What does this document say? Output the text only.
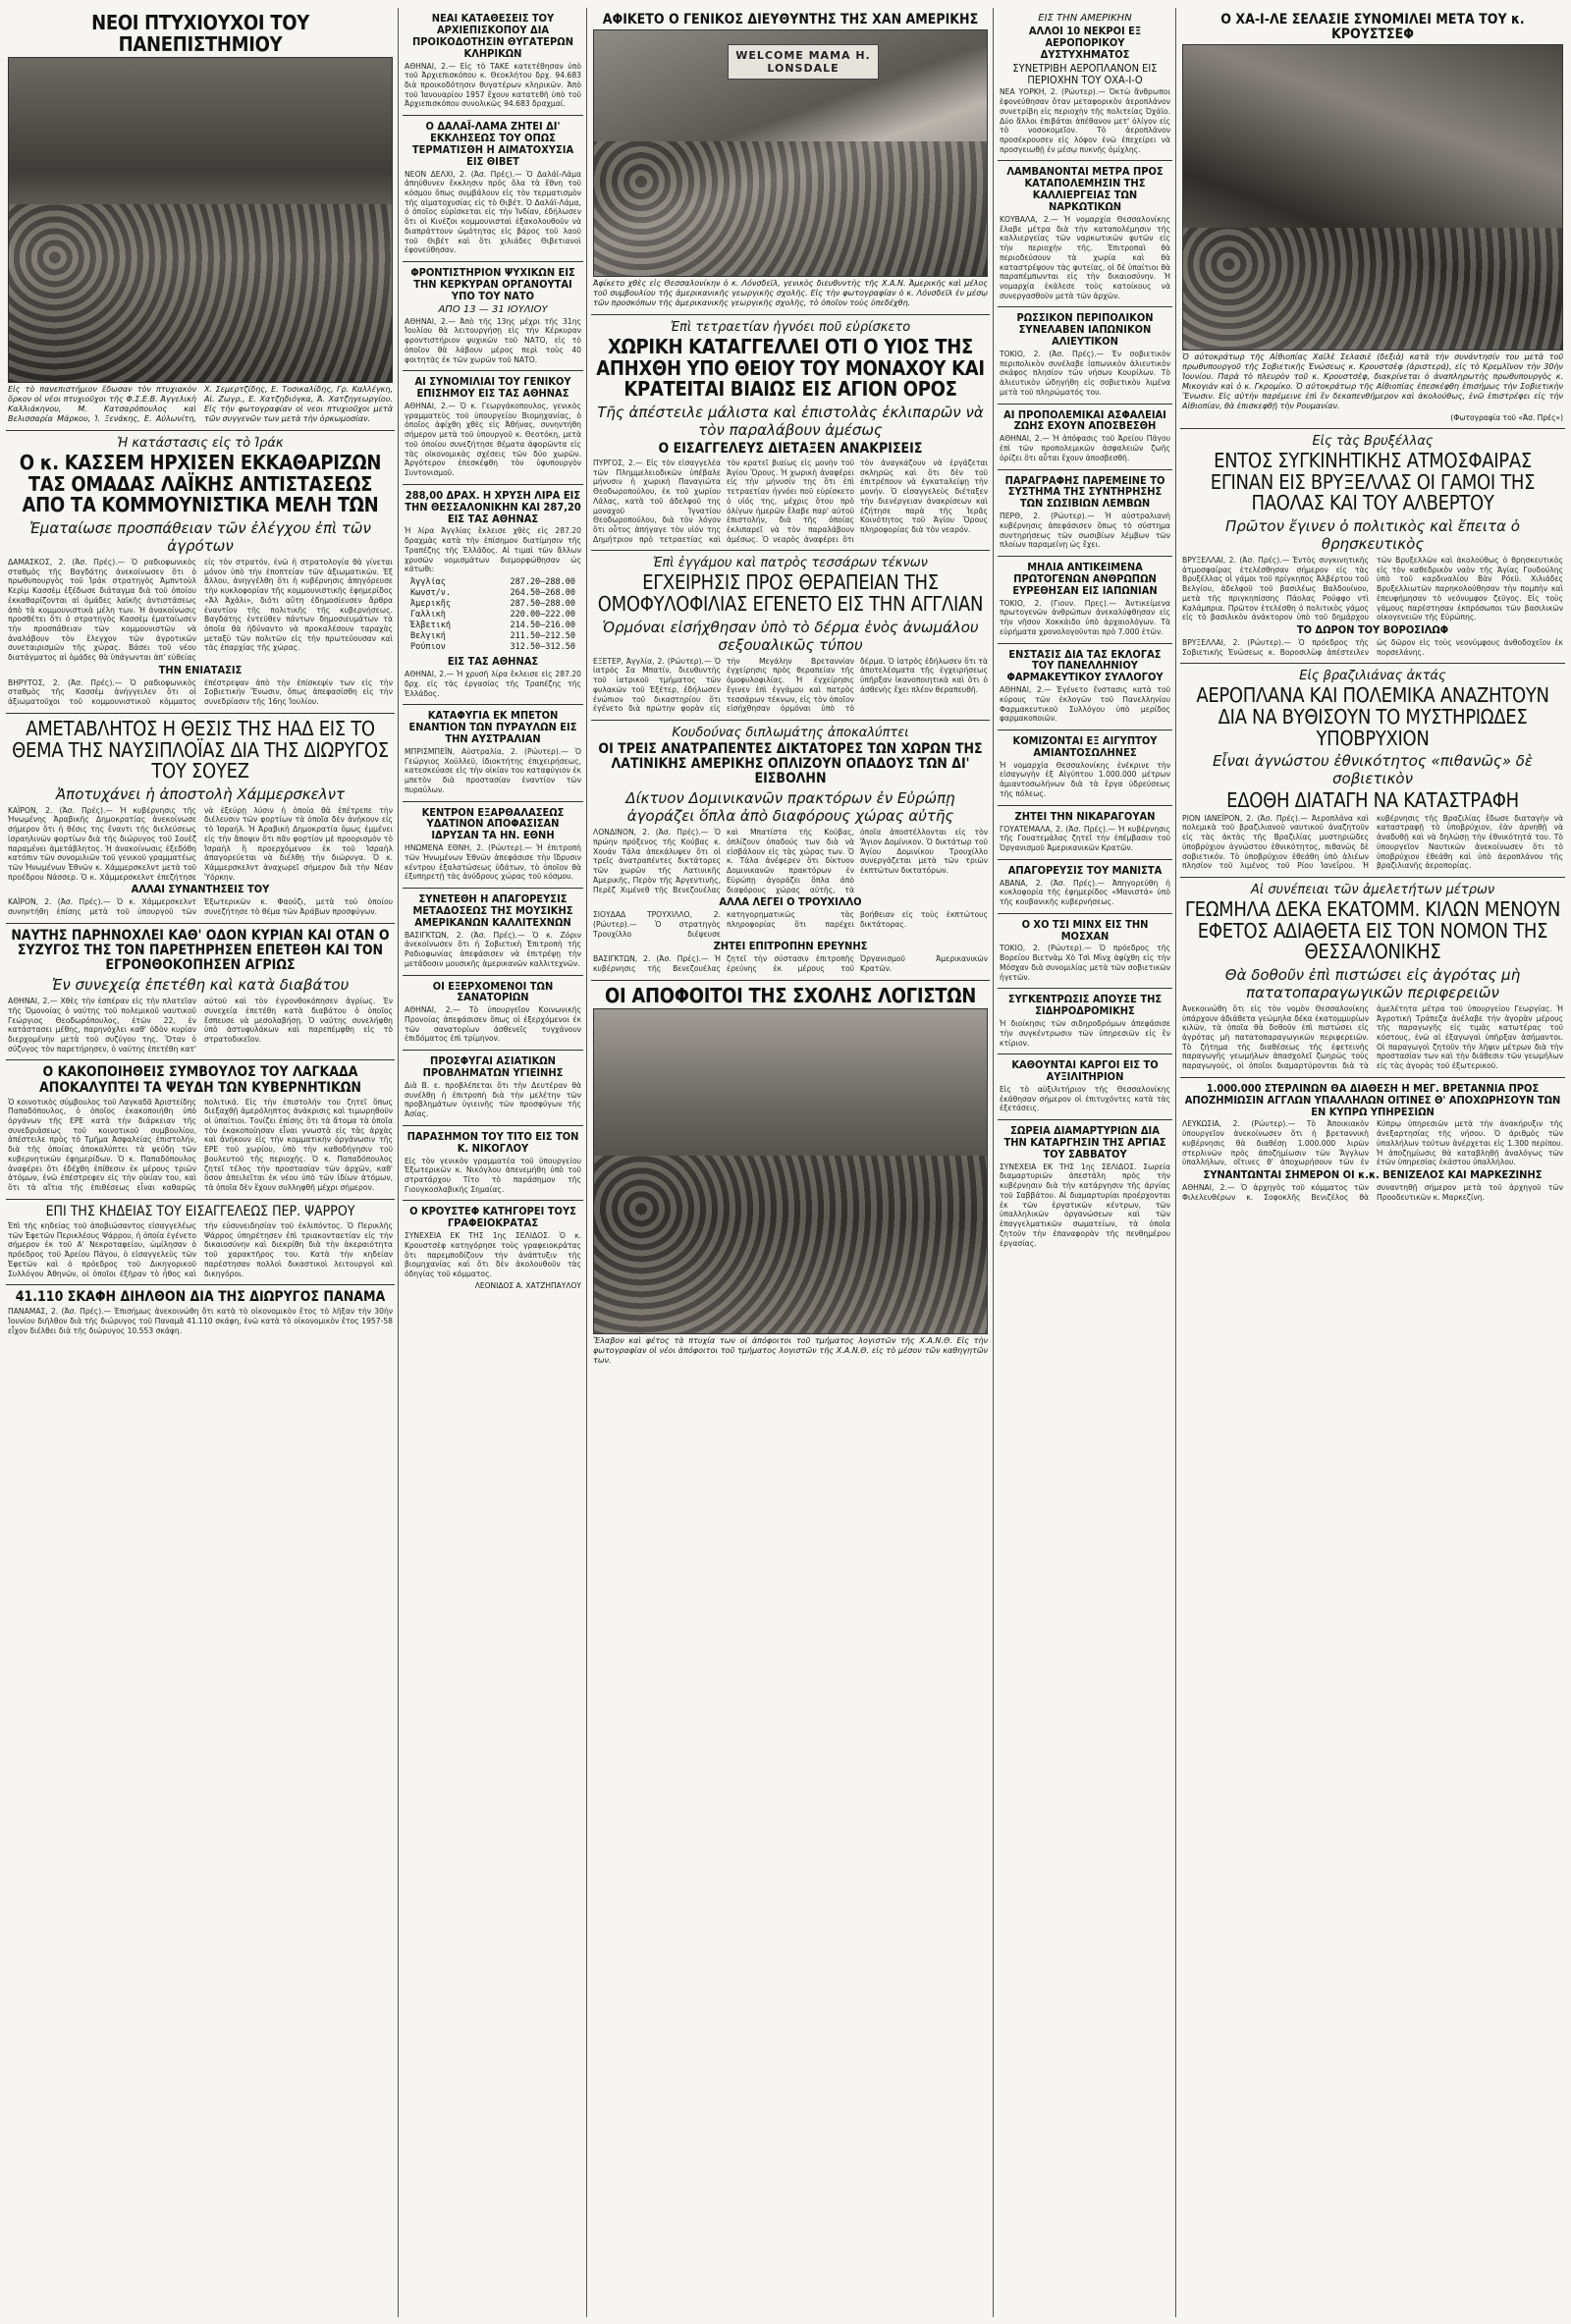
ΝΕΟΙ ΠΤΥΧΙΟΥΧΟΙ ΤΟΥ ΠΑΝΕΠΙΣΤΗΜΙΟΥ
Εἰς τὸ πανεπιστήμιον ἔδωσαν τὸν πτυχιακὸν ὅρκον οἱ νέοι πτυχιοῦχοι τῆς Φ.Σ.Ε.Β. Ἀγγελικὴ Καλλιάκηνου, Μ. Κατσαρόπουλος καὶ Βελισσαρία Μάρκου, Ἱ. Ξενάκης, Ε. Αὐλωνίτη, Χ. Σεμερτζίδης, Ε. Τοσικαλίδης, Γρ. Καλλέγκη, Αἱ. Ζωγρ., Ε. Χατζηδιόγκα, Ἀ. Χατζηγεωργίου. Εἰς τὴν φωτογραφίαν οἱ νεοι πτυχιοῦχοι μετὰ τῶν συγγενῶν των μετὰ τὴν ὁρκωμοσίαν.
Ἡ κατάστασις εἰς τὸ Ἰράκ
Ο κ. ΚΑΣΣΕΜ ΗΡΧΙΣΕΝ ΕΚΚΑΘΑΡΙΖΩΝ ΤΑΣ ΟΜΑΔΑΣ ΛΑΪΚΗΣ ΑΝΤΙΣΤΑΣΕΩΣ ΑΠΟ ΤΑ ΚΟΜΜΟΥΝΙΣΤΙΚΑ ΜΕΛΗ ΤΩΝ
Ἐματαίωσε προσπάθειαν τῶν ἐλέγχου ἐπὶ τῶν ἀγρότων
ΔΑΜΑΣΚΟΣ, 2. (Ἀσ. Πρές).— Ὁ ραδιοφωνικὸς σταθμὸς τῆς Βαγδάτης ἀνεκοίνωσεν ὅτι ὁ πρωθυπουργὸς τοῦ Ἰράκ στρατηγὸς Ἀμπντοὺλ Κερὶμ Κασσὲμ ἐξέδωσε διάταγμα διὰ τοῦ ὁποίου ἐκκαθαρίζονται αἱ ὁμάδες λαϊκῆς ἀντιστάσεως ἀπὸ τὰ κομμουνιστικὰ μέλη των. Ἡ ἀνακοίνωσις προσθέτει ὅτι ὁ στρατηγὸς Κασσὲμ ἐματαίωσεν τὴν προσπάθειαν τῶν κομμουνιστῶν νὰ ἀναλάβουν τὸν ἔλεγχον τῶν ἀγροτικῶν συνεταιρισμῶν τῆς χώρας. Βάσει τοῦ νέου διατάγματος αἱ ὁμάδες θὰ ὑπάγωνται ἀπ' εὐθείας εἰς τὸν στρατόν, ἐνῶ ἡ στρατολογία θὰ γίνεται μόνον ὑπὸ τὴν ἐποπτείαν τῶν ἀξιωματικῶν. Ἐξ ἄλλου, ἀνηγγέλθη ὅτι ἡ κυβέρνησις ἀπηγόρευσε τὴν κυκλοφορίαν τῆς κομμουνιστικῆς ἐφημερίδος «Ἀλ Ἀχάλι», διότι αὕτη ἐδημοσίευσεν ἄρθρα ἐναντίον τῆς πολιτικῆς τῆς κυβερνήσεως. Βαγδάτης ἐντεῦθεν πάντων δημοσιευμάτων τὰ ὁποῖα θὰ ἠδύναντο νὰ προκαλέσουν ταραχὰς μεταξὺ τῶν πολιτῶν εἰς τὴν πρωτεύουσαν καὶ τὰς ἐπαρχίας τῆς χώρας.
ΤΗΝ ΕΝΙΑΤΑΣΙΣ
ΒΗΡΥΤΟΣ, 2. (Ἀσ. Πρές).— Ὁ ραδιοφωνικὸς σταθμὸς τῆς Κασσὲμ ἀνήγγειλεν ὅτι οἱ ἀξιωματοῦχοι τοῦ κομμουνιστικοῦ κόμματος ἐπέστρεψαν ἀπὸ τὴν ἐπίσκεψίν των εἰς τὴν Σοβιετικὴν Ἕνωσιν, ὅπως ἀπεφασίσθη εἰς τὴν συνεδρίασιν τῆς 16ης Ἰουλίου.
ΑΜΕΤΑΒΛΗΤΟΣ Η ΘΕΣΙΣ ΤΗΣ ΗΑΔ ΕΙΣ ΤΟ ΘΕΜΑ ΤΗΣ ΝΑΥΣΙΠΛΟΪΑΣ ΔΙΑ ΤΗΣ ΔΙΩΡΥΓΟΣ ΤΟΥ ΣΟΥΕΖ
Ἀποτυχάνει ἡ ἀποστολὴ Χάμμερσκελντ
ΚΑΪΡΟΝ, 2. (Ἀσ. Πρές).— Ἡ κυβέρνησις τῆς Ἡνωμένης Ἀραβικῆς Δημοκρατίας ἀνεκοίνωσε σήμερον ὅτι ἡ θέσις της ἔναντι τῆς διελεύσεως ἰσραηλινῶν φορτίων διὰ τῆς διώρυγος τοῦ Σουὲζ παραμένει ἀμετάβλητος. Ἡ ἀνακοίνωσις ἐξεδόθη κατόπιν τῶν συνομιλιῶν τοῦ γενικοῦ γραμματέως τῶν Ἡνωμένων Ἐθνῶν κ. Χάμμερσκελντ μετὰ τοῦ προέδρου Νάσσερ. Ὁ κ. Χάμμερσκελντ ἐπεζήτησε νὰ ἐξεύρῃ λύσιν ἡ ὁποία θὰ ἐπέτρεπε τὴν διέλευσιν τῶν φορτίων τὰ ὁποῖα δὲν ἀνήκουν εἰς τὸ Ἰσραήλ. Ἡ Ἀραβικὴ Δημοκρατία ὅμως ἐμμένει εἰς τὴν ἄποψιν ὅτι πᾶν φορτίον μὲ προορισμὸν τὸ Ἰσραὴλ ἢ προερχόμενον ἐκ τοῦ Ἰσραὴλ ἀπαγορεύεται νὰ διέλθῃ τὴν διώρυγα. Ὁ κ. Χάμμερσκελντ ἀναχωρεῖ σήμερον διὰ τὴν Νέαν Ὑόρκην.
ΑΛΛΑΙ ΣΥΝΑΝΤΗΣΕΙΣ ΤΟΥ
ΚΑΪΡΟΝ, 2. (Ἀσ. Πρές).— Ὁ κ. Χάμμερσκελντ συνηντήθη ἐπίσης μετὰ τοῦ ὑπουργοῦ τῶν Ἐξωτερικῶν κ. Φαούζι, μετὰ τοῦ ὁποίου συνεζήτησε τὸ θέμα τῶν Ἀράβων προσφύγων.
ΝΑΥΤΗΣ ΠΑΡΗΝΟΧΛΕΙ ΚΑΘ' ΟΔΟΝ ΚΥΡΙΑΝ ΚΑΙ ΟΤΑΝ Ο ΣΥΖΥΓΟΣ ΤΗΣ ΤΟΝ ΠΑΡΕΤΗΡΗΣΕΝ ΕΠΕΤΕΘΗ ΚΑΙ ΤΟΝ ΕΓΡΟΝΘΟΚΟΠΗΣΕΝ ΑΓΡΙΩΣ
Ἐν συνεχείᾳ ἐπετέθη καὶ κατὰ διαβάτου
ΑΘΗΝΑΙ, 2.— Χθὲς τὴν ἑσπέραν εἰς τὴν πλατεῖαν τῆς Ὁμονοίας ὁ ναύτης τοῦ πολεμικοῦ ναυτικοῦ Γεώργιος Θεοδωρόπουλος, ἐτῶν 22, ἐν κατάστασει μέθης, παρηνόχλει καθ' ὁδὸν κυρίαν διερχομένην μετὰ τοῦ συζύγου της. Ὅταν ὁ σύζυγος τὸν παρετήρησεν, ὁ ναύτης ἐπετέθη κατ' αὐτοῦ καὶ τὸν ἐγρονθοκόπησεν ἀγρίως. Ἐν συνεχείᾳ ἐπετέθη κατὰ διαβάτου ὁ ὁποῖος ἔσπευσε νὰ μεσολαβήσῃ. Ὁ ναύτης συνελήφθη ὑπὸ ἀστυφυλάκων καὶ παρεπέμφθη εἰς τὸ στρατοδικεῖον.
Ο ΚΑΚΟΠΟΙΗΘΕΙΣ ΣΥΜΒΟΥΛΟΣ ΤΟΥ ΛΑΓΚΑΔΑ ΑΠΟΚΑΛΥΠΤΕΙ ΤΑ ΨΕΥΔΗ ΤΩΝ ΚΥΒΕΡΝΗΤΙΚΩΝ
Ὁ κοινοτικὸς σύμβουλος τοῦ Λαγκαδᾶ Ἀριστείδης Παπαδόπουλος, ὁ ὁποῖος ἐκακοποιήθη ὑπὸ ὀργάνων τῆς ΕΡΕ κατὰ τὴν διάρκειαν τῆς συνεδριάσεως τοῦ κοινοτικοῦ συμβουλίου, ἀπέστειλε πρὸς τὸ Τμῆμα Ἀσφαλείας ἐπιστολήν, διὰ τῆς ὁποίας ἀποκαλύπτει τὰ ψεύδη τῶν κυβερνητικῶν ἐφημερίδων. Ὁ κ. Παπαδόπουλος ἀναφέρει ὅτι ἐδέχθη ἐπίθεσιν ἐκ μέρους τριῶν ἀτόμων, ἐνῶ ἐπέστρεφεν εἰς τὴν οἰκίαν του, καὶ ὅτι τὰ αἴτια τῆς ἐπιθέσεως εἶναι καθαρῶς πολιτικά. Εἰς τὴν ἐπιστολήν του ζητεῖ ὅπως διεξαχθῇ ἀμερόληπτος ἀνάκρισις καὶ τιμωρηθοῦν οἱ ὑπαίτιοι. Τονίζει ἐπίσης ὅτι τὰ ἄτομα τὰ ὁποῖα τὸν ἐκακοποίησαν εἶναι γνωστὰ εἰς τὰς ἀρχὰς καὶ ἀνήκουν εἰς τὴν κομματικὴν ὀργάνωσιν τῆς ΕΡΕ τοῦ χωρίου, ὑπὸ τὴν καθοδήγησιν τοῦ βουλευτοῦ τῆς περιοχῆς. Ὁ κ. Παπαδόπουλος ζητεῖ τέλος τὴν προστασίαν τῶν ἀρχῶν, καθ' ὅσον ἀπειλεῖται ἐκ νέου ὑπὸ τῶν ἰδίων ἀτόμων, τὰ ὁποῖα δὲν ἔχουν συλληφθῆ μέχρι σήμερον.
ΕΠΙ ΤΗΣ ΚΗΔΕΙΑΣ ΤΟΥ ΕΙΣΑΓΓΕΛΕΩΣ ΠΕΡ. ΨΑΡΡΟΥ
Ἐπὶ τῆς κηδείας τοῦ ἀποβιώσαντος εἰσαγγελέως τῶν Ἐφετῶν Περικλέους Ψάρρου, ἡ ὁποία ἐγένετο σήμερον ἐκ τοῦ Α' Νεκροταφείου, ὡμίλησαν ὁ πρόεδρος τοῦ Ἀρείου Πάγου, ὁ εἰσαγγελεὺς τῶν Ἐφετῶν καὶ ὁ πρόεδρος τοῦ Δικηγορικοῦ Συλλόγου Ἀθηνῶν, οἱ ὁποῖοι ἐξῆραν τὸ ἦθος καὶ τὴν εὐσυνειδησίαν τοῦ ἐκλιπόντος. Ὁ Περικλῆς Ψάρρος ὑπηρέτησεν ἐπὶ τριακονταετίαν εἰς τὴν δικαιοσύνην καὶ διεκρίθη διὰ τὴν ἀκεραιότητα τοῦ χαρακτῆρος του. Κατὰ τὴν κηδείαν παρέστησαν πολλοὶ δικαστικοὶ λειτουργοὶ καὶ δικηγόροι.
41.110 ΣΚΑΦΗ ΔΙΗΛΘΟΝ ΔΙΑ ΤΗΣ ΔΙΩΡΥΓΟΣ ΠΑΝΑΜΑ
ΠΑΝΑΜΑΣ, 2. (Ἀσ. Πρές).— Ἐπισήμως ἀνεκοινώθη ὅτι κατὰ τὸ οἰκονομικὸν ἔτος τὸ λῆξαν τὴν 30ὴν Ἰουνίου διῆλθον διὰ τῆς διώρυγος τοῦ Παναμᾶ 41.110 σκάφη, ἐνῶ κατὰ τὸ οἰκονομικὸν ἔτος 1957-58 εἶχον διέλθει διὰ τῆς διώρυγος 10.553 σκάφη.
ΝΕΑΙ ΚΑΤΑΘΕΣΕΙΣ ΤΟΥ ΑΡΧΙΕΠΙΣΚΟΠΟΥ ΔΙΑ ΠΡΟΙΚΟΔΟΤΗΣΙΝ ΘΥΓΑΤΕΡΩΝ ΚΛΗΡΙΚΩΝ
ΑΘΗΝΑΙ, 2.— Εἰς τὸ ΤΑΚΕ κατετέθησαν ὑπὸ τοῦ Ἀρχιεπισκόπου κ. Θεοκλήτου δρχ. 94.683 διὰ προικοδότησιν θυγατέρων κληρικῶν. Ἀπὸ τοῦ Ἰανουαρίου 1957 ἔχουν κατατεθῆ ὑπὸ τοῦ Ἀρχιεπισκόπου συνολικῶς 94.683 δραχμαί.
Ο ΔΑΛΑΪ-ΛΑΜΑ ΖΗΤΕΙ ΔΙ' ΕΚΚΛΗΣΕΩΣ ΤΟΥ ΟΠΩΣ ΤΕΡΜΑΤΙΣΘΗ Η ΑΙΜΑΤΟΧΥΣΙΑ ΕΙΣ ΘΙΒΕΤ
ΝΕΟΝ ΔΕΛΧΙ, 2. (Ἀσ. Πρές).— Ὁ Δαλάϊ-Λάμα ἀπηύθυνεν ἔκκλησιν πρὸς ὅλα τὰ ἔθνη τοῦ κόσμου ὅπως συμβάλουν εἰς τὸν τερματισμὸν τῆς αἱματοχυσίας εἰς τὸ Θιβέτ. Ὁ Δαλάϊ-Λάμα, ὁ ὁποῖος εὑρίσκεται εἰς τὴν Ἰνδίαν, ἐδήλωσεν ὅτι οἱ Κινέζοι κομμουνισταὶ ἐξακολουθοῦν νὰ διαπράττουν ὠμότητας εἰς βάρος τοῦ λαοῦ τοῦ Θιβέτ καὶ ὅτι χιλιάδες Θιβετιανοὶ ἐφονεύθησαν.
ΦΡΟΝΤΙΣΤΗΡΙΟΝ ΨΥΧΙΚΩΝ ΕΙΣ ΤΗΝ ΚΕΡΚΥΡΑΝ ΟΡΓΑΝΟΥΤΑΙ ΥΠΟ ΤΟΥ ΝΑΤΟ
ΑΠΟ 13 — 31 ΙΟΥΛΙΟΥ
ΑΘΗΝΑΙ, 2.— Ἀπὸ τῆς 13ης μέχρι τῆς 31ης Ἰουλίου θὰ λειτουργήσῃ εἰς τὴν Κέρκυραν φροντιστήριον ψυχικῶν τοῦ ΝΑΤΟ, εἰς τὸ ὁποῖον θὰ λάβουν μέρος περὶ τοὺς 40 φοιτητὰς ἐκ τῶν χωρῶν τοῦ ΝΑΤΟ.
ΑΙ ΣΥΝΟΜΙΛΙΑΙ ΤΟΥ ΓΕΝΙΚΟΥ ΕΠΙΣΗΜΟΥ ΕΙΣ ΤΑΣ ΑΘΗΝΑΣ
ΑΘΗΝΑΙ, 2.— Ὁ κ. Γεωργάκοπουλος, γενικὸς γραμματεὺς τοῦ ὑπουργείου Βιομηχανίας, ὁ ὁποῖος ἀφίχθη χθὲς εἰς Ἀθήνας, συνηντήθη σήμερον μετὰ τοῦ ὑπουργοῦ κ. Θεοτόκη, μετὰ τοῦ ὁποίου συνεζήτησε θέματα ἀφορῶντα εἰς τὰς οἰκονομικὰς σχέσεις τῶν δύο χωρῶν. Ἀργότερον ἐπεσκέφθη τὸν ὑφυπουργὸν Συντονισμοῦ.
288,00 ΔΡΑΧ. Η ΧΡΥΣΗ ΛΙΡΑ ΕΙΣ ΤΗΝ ΘΕΣΣΑΛΟΝΙΚΗΝ ΚΑΙ 287,20 ΕΙΣ ΤΑΣ ΑΘΗΝΑΣ
Ἡ λίρα Ἀγγλίας ἔκλεισε χθὲς εἰς 287.20 δραχμὰς κατὰ τὴν ἐπίσημον διατίμησιν τῆς Τραπέζης τῆς Ἑλλάδος. Αἱ τιμαὶ τῶν ἄλλων χρυσῶν νομισμάτων διεμορφώθησαν ὡς κάτωθι:
Ἀγγλίας	287.20—288.00
Κωνστ/ν.	264.50—268.00
Ἀμερικῆς	287.50—288.00
Γαλλικὴ	220.00—222.00
Ἑλβετική	214.50—216.00
Βελγική	211.50—212.50
Ρούπιον	312.50—312.50
ΕΙΣ ΤΑΣ ΑΘΗΝΑΣ
ΑΘΗΝΑΙ, 2.— Ἡ χρυσῆ λίρα ἔκλεισε εἰς 287.20 δρχ. εἰς τὰς ἐργασίας τῆς Τραπέζης τῆς Ἑλλάδος.
ΚΑΤΑΦΥΓΙΑ ΕΚ ΜΠΕΤΟΝ ΕΝΑΝΤΙΟΝ ΤΩΝ ΠΥΡΑΥΛΩΝ ΕΙΣ ΤΗΝ ΑΥΣΤΡΑΛΙΑΝ
ΜΠΡΙΣΜΠΕΪΝ, Αὐστραλία, 2. (Ρώυτερ).— Ὁ Γεώργιος Χούλλεϋ, ἰδιοκτήτης ἐπιχειρήσεως, κατεσκεύασε εἰς τὴν οἰκίαν του καταφύγιον ἐκ μπετὸν διὰ προστασίαν ἐναντίον τῶν πυραύλων.
ΚΕΝΤΡΟΝ ΕΞΑΡΘΑΛΑΣΕΩΣ ΥΔΑΤΙΝΟΝ ΑΠΟΦΑΣΙΣΑΝ ΙΔΡΥΣΑΝ ΤΑ ΗΝ. ΕΘΝΗ
ΗΝΩΜΕΝΑ ΕΘΝΗ, 2. (Ρώυτερ).— Ἡ ἐπιτροπὴ τῶν Ἡνωμένων Ἐθνῶν ἀπεφάσισε τὴν ἵδρυσιν κέντρου ἐξαλατώσεως ὑδάτων, τὸ ὁποῖον θὰ ἐξυπηρετῇ τὰς ἀνύδρους χώρας τοῦ κόσμου.
ΣΥΝΕΤΕΘΗ Η ΑΠΑΓΟΡΕΥΣΙΣ ΜΕΤΑΔΟΣΕΩΣ ΤΗΣ ΜΟΥΣΙΚΗΣ ΑΜΕΡΙΚΑΝΩΝ ΚΑΛΛΙΤΕΧΝΩΝ
ΒΑΣΙΓΚΤΩΝ, 2. (Ἀσ. Πρές).— Ὁ κ. Ζόριν ἀνεκοίνωσεν ὅτι ἡ Σοβιετικὴ Ἐπιτροπὴ τῆς Ραδιοφωνίας ἀπεφάσισεν νὰ ἐπιτρέψῃ τὴν μετάδοσιν μουσικῆς ἀμερικανῶν καλλιτεχνῶν.
ΟΙ ΕΞΕΡΧΟΜΕΝΟΙ ΤΩΝ ΣΑΝΑΤΟΡΙΩΝ
ΑΘΗΝΑΙ, 2.— Τὸ ὑπουργεῖον Κοινωνικῆς Προνοίας ἀπεφάσισεν ὅπως οἱ ἐξερχόμενοι ἐκ τῶν σανατορίων ἀσθενεῖς τυγχάνουν ἐπιδόματος ἐπὶ τρίμηνον.
ΠΡΟΣΦΥΓΑΙ ΑΣΙΑΤΙΚΩΝ ΠΡΟΒΛΗΜΑΤΩΝ ΥΓΙΕΙΝΗΣ
Διὰ Β. ε. προβλέπεται ὅτι τὴν Δευτέραν θὰ συνέλθῃ ἡ ἐπιτροπὴ διὰ τὴν μελέτην τῶν προβλημάτων ὑγιεινῆς τῶν προσφύγων τῆς Ἀσίας.
ΠΑΡΑΣΗΜΟΝ ΤΟΥ ΤΙΤΟ ΕΙΣ ΤΟΝ Κ. ΝΙΚΟΓΛΟΥ
Εἰς τὸν γενικὸν γραμματέα τοῦ ὑπουργείου Ἐξωτερικῶν κ. Νικόγλου ἀπενεμήθη ὑπὸ τοῦ στρατάρχου Τίτο τὸ παράσημον τῆς Γιουγκοσλαβικῆς Σημαίας.
Ο ΚΡΟΥΣΤΕΦ ΚΑΤΗΓΟΡΕΙ ΤΟΥΣ ΓΡΑΦΕΙΟΚΡΑΤΑΣ
ΣΥΝΕΧΕΙΑ ΕΚ ΤΗΣ 1ης ΣΕΛΙΔΟΣ. Ὁ κ. Κρουστσὲφ κατηγόρησε τοὺς γραφειοκράτας ὅτι παρεμποδίζουν τὴν ἀνάπτυξιν τῆς βιομηχανίας καὶ ὅτι δὲν ἀκολουθοῦν τὰς ὁδηγίας τοῦ κόμματος.
ΛΕΟΝΙΔΟΣ Α. ΧΑΤΖΗΠΑΥΛΟΥ
ΑΦΙΚΕΤΟ Ο ΓΕΝΙΚΟΣ ΔΙΕΥΘΥΝΤΗΣ ΤΗΣ ΧΑΝ ΑΜΕΡΙΚΗΣ
WELCOME MAMA H. LONSDALE
Ἀφίκετο χθὲς εἰς Θεσσαλονίκην ὁ κ. Λόνσδεϊλ, γενικὸς διευθυντὴς τῆς Χ.Α.Ν. Ἀμερικῆς καὶ μέλος τοῦ συμβουλίου τῆς ἀμερικανικῆς γεωργικῆς σχολῆς. Εἰς τὴν φωτογραφίαν ὁ κ. Λόνσδεϊλ ἐν μέσῳ τῶν προσκόπων τῆς ἀμερικανικῆς γεωργικῆς σχολῆς, τὸ ὁποῖον τοὺς ὑπεδέχθη.
Ἐπὶ τετραετίαν ἠγνόει ποῦ εὑρίσκετο
ΧΩΡΙΚΗ ΚΑΤΑΓΓΕΛΛΕΙ ΟΤΙ Ο ΥΙΟΣ ΤΗΣ ΑΠΗΧΘΗ ΥΠΟ ΘΕΙΟΥ ΤΟΥ ΜΟΝΑΧΟΥ ΚΑΙ ΚΡΑΤΕΙΤΑΙ ΒΙΑΙΩΣ ΕΙΣ ΑΓΙΟΝ ΟΡΟΣ
Τῆς ἀπέστειλε μάλιστα καὶ ἐπιστολὰς ἐκλιπαρῶν νὰ τὸν παραλάβουν ἀμέσως
Ο ΕΙΣΑΓΓΕΛΕΥΣ ΔΙΕΤΑΞΕΝ ΑΝΑΚΡΙΣΕΙΣ
ΠΥΡΓΟΣ, 2.— Εἰς τὸν εἰσαγγελέα τῶν Πλημμελειοδικῶν ὑπέβαλε μήνυσιν ἡ χωρικὴ Παναγιώτα Θεοδωροπούλου, ἐκ τοῦ χωρίου Λάλας, κατὰ τοῦ ἀδελφοῦ της μοναχοῦ Ἰγνατίου Θεοδωροπούλου, διὰ τὸν λόγον ὅτι οὗτος ἀπήγαγε τὸν υἱόν της Δημήτριον πρὸ τετραετίας καὶ τὸν κρατεῖ βιαίως εἰς μονὴν τοῦ Ἁγίου Ὄρους. Ἡ χωρικὴ ἀναφέρει εἰς τὴν μήνυσίν της ὅτι ἐπὶ τετραετίαν ἠγνόει ποῦ εὑρίσκετο ὁ υἱός της, μέχρις ὅτου πρὸ ὀλίγων ἡμερῶν ἔλαβε παρ' αὐτοῦ ἐπιστολήν, διὰ τῆς ὁποίας ἐκλιπαρεῖ νὰ τὸν παραλάβουν ἀμέσως. Ὁ νεαρὸς ἀναφέρει ὅτι τὸν ἀναγκάζουν νὰ ἐργάζεται σκληρῶς καὶ ὅτι δὲν τοῦ ἐπιτρέπουν νὰ ἐγκαταλείψῃ τὴν μονήν. Ὁ εἰσαγγελεὺς διέταξεν τὴν διενέργειαν ἀνακρίσεων καὶ ἐζήτησε παρὰ τῆς Ἱερᾶς Κοινότητος τοῦ Ἁγίου Ὄρους πληροφορίας διὰ τὸν νεαρόν.
Ἐπὶ ἐγγάμου καὶ πατρὸς τεσσάρων τέκνων
ΕΓΧΕΙΡΗΣΙΣ ΠΡΟΣ ΘΕΡΑΠΕΙΑΝ ΤΗΣ ΟΜΟΦΥΛΟΦΙΛΙΑΣ ΕΓΕΝΕΤΟ ΕΙΣ ΤΗΝ ΑΓΓΛΙΑΝ
Ὁρμόναι εἰσήχθησαν ὑπὸ τὸ δέρμα ἑνὸς ἀνωμάλου σεξουαλικῶς τύπου
ΕΞΕΤΕΡ, Ἀγγλία, 2. (Ρώυτερ).— Ὁ ἰατρὸς Σα Μπατίν, διευθυντὴς τοῦ ἰατρικοῦ τμήματος τῶν φυλακῶν τοῦ Ἐξέτερ, ἐδήλωσεν ἐνώπιον τοῦ δικαστηρίου ὅτι ἐγένετο διὰ πρώτην φορὰν εἰς τὴν Μεγάλην Βρεταννίαν ἐγχείρησις πρὸς θεραπείαν τῆς ὁμοφυλοφιλίας. Ἡ ἐγχείρησις ἔγινεν ἐπὶ ἐγγάμου καὶ πατρὸς τεσσάρων τέκνων, εἰς τὸν ὁποῖον εἰσήχθησαν ὁρμόναι ὑπὸ τὸ δέρμα. Ὁ ἰατρὸς ἐδήλωσεν ὅτι τὰ ἀποτελέσματα τῆς ἐγχειρήσεως ὑπῆρξαν ἱκανοποιητικὰ καὶ ὅτι ὁ ἀσθενὴς ἔχει πλέον θεραπευθῆ.
Κουδούνας διπλωμάτης ἀποκαλύπτει
ΟΙ ΤΡΕΙΣ ΑΝΑΤΡΑΠΕΝΤΕΣ ΔΙΚΤΑΤΟΡΕΣ ΤΩΝ ΧΩΡΩΝ ΤΗΣ ΛΑΤΙΝΙΚΗΣ ΑΜΕΡΙΚΗΣ ΟΠΛΙΖΟΥΝ ΟΠΑΔΟΥΣ ΤΩΝ ΔΙ' ΕΙΣΒΟΛΗΝ
Δίκτυον Δομινικανῶν πρακτόρων ἐν Εὐρώπῃ ἀγοράζει ὅπλα ἀπὸ διαφόρους χώρας αὐτῆς
ΛΟΝΔΙΝΟΝ, 2. (Ἀσ. Πρές).— Ὁ πρώην πρόξενος τῆς Κούβας κ. Χουάν Τάλα ἀπεκάλυψεν ὅτι οἱ τρεῖς ἀνατραπέντες δικτάτορες τῶν χωρῶν τῆς Λατινικῆς Ἀμερικῆς, Περὸν τῆς Ἀργεντινῆς, Περὲζ Χιμένεθ τῆς Βενεζουέλας καὶ Μπατίστα τῆς Κούβας, ὁπλίζουν ὀπαδούς των διὰ νὰ εἰσβάλουν εἰς τὰς χώρας των. Ὁ κ. Τάλα ἀνέφερεν ὅτι δίκτυον Δομινικανῶν πρακτόρων ἐν Εὐρώπῃ ἀγοράζει ὅπλα ἀπὸ διαφόρους χώρας αὐτῆς, τὰ ὁποῖα ἀποστέλλονται εἰς τὸν Ἅγιον Δομίνικον. Ὁ δικτάτωρ τοῦ Ἁγίου Δομινίκου Τρουχίλλο συνεργάζεται μετὰ τῶν τριῶν ἐκπτώτων δικτατόρων.
ΑΛΛΑ ΛΕΓΕΙ Ο ΤΡΟΥΧΙΛΛΟ
ΣΙΟΥΔΑΔ ΤΡΟΥΧΙΛΛΟ, 2. (Ρώυτερ).— Ὁ στρατηγὸς Τρουχίλλο διέψευσε κατηγορηματικῶς τὰς πληροφορίας ὅτι παρέχει βοήθειαν εἰς τοὺς ἐκπτώτους δικτάτορας.
ΖΗΤΕΙ ΕΠΙΤΡΟΠΗΝ ΕΡΕΥΝΗΣ
ΒΑΣΙΓΚΤΩΝ, 2. (Ἀσ. Πρές).— Ἡ κυβέρνησις τῆς Βενεζουέλας ζητεῖ τὴν σύστασιν ἐπιτροπῆς ἐρεύνης ἐκ μέρους τοῦ Ὀργανισμοῦ Ἀμερικανικῶν Κρατῶν.
ΟΙ ΑΠΟΦΟΙΤΟΙ ΤΗΣ ΣΧΟΛΗΣ ΛΟΓΙΣΤΩΝ
Ἔλαβον καὶ φέτος τὰ πτυχία των οἱ ἀπόφοιτοι τοῦ τμήματος λογιστῶν τῆς Χ.Α.Ν.Θ. Εἰς τὴν φωτογραφίαν οἱ νέοι ἀπόφοιτοι τοῦ τμήματος λογιστῶν τῆς Χ.Α.Ν.Θ. εἰς τὸ μέσον τῶν καθηγητῶν των.
ΕΙΣ ΤΗΝ ΑΜΕΡΙΚΗΝ
ΑΛΛΟΙ 10 ΝΕΚΡΟΙ ΕΞ ΑΕΡΟΠΟΡΙΚΟΥ ΔΥΣΤΥΧΗΜΑΤΟΣ
ΣΥΝΕΤΡΙΒΗ ΑΕΡΟΠΛΑΝΟΝ ΕΙΣ ΠΕΡΙΟΧΗΝ ΤΟΥ ΟΧΑ-Ι-Ο
ΝΕΑ ΥΟΡΚΗ, 2. (Ρώυτερ).— Ὀκτὼ ἄνθρωποι ἐφονεύθησαν ὅταν μεταφορικὸν ἀεροπλάνον συνετρίβη εἰς περιοχὴν τῆς πολιτείας Ὀχάϊο. Δύο ἄλλοι ἐπιβάται ἀπέθανον μετ' ὀλίγον εἰς τὸ νοσοκομεῖον. Τὸ ἀεροπλάνον προσέκρουσεν εἰς λόφον ἐνῶ ἐπεχείρει νὰ προσγειωθῇ ἐν μέσῳ πυκνῆς ὀμίχλης.
ΛΑΜΒΑΝΟΝΤΑΙ ΜΕΤΡΑ ΠΡΟΣ ΚΑΤΑΠΟΛΕΜΗΣΙΝ ΤΗΣ ΚΑΛΛΙΕΡΓΕΙΑΣ ΤΩΝ ΝΑΡΚΩΤΙΚΩΝ
ΚΟΥΒΑΛΑ, 2.— Ἡ νομαρχία Θεσσαλονίκης ἔλαβε μέτρα διὰ τὴν καταπολέμησιν τῆς καλλιεργείας τῶν ναρκωτικῶν φυτῶν εἰς τὴν περιοχὴν τῆς. Ἐπιτροπαὶ θὰ περιοδεύσουν τὰ χωρία καὶ θὰ καταστρέψουν τὰς φυτείας, οἱ δὲ ὑπαίτιοι θὰ παραπέμπωνται εἰς τὴν δικαιοσύνην. Ἡ νομαρχία ἐκάλεσε τοὺς κατοίκους νὰ συνεργασθοῦν μετὰ τῶν ἀρχῶν.
ΡΩΣΣΙΚΟΝ ΠΕΡΙΠΟΛΙΚΟΝ ΣΥΝΕΛΑΒΕΝ ΙΑΠΩΝΙΚΟΝ ΑΛΙΕΥΤΙΚΟΝ
ΤΟΚΙΟ, 2. (Ἀσ. Πρές).— Ἐν σοβιετικὸν περιπολικὸν συνέλαβε ἰαπωνικὸν ἁλιευτικὸν σκάφος πλησίον τῶν νήσων Κουρίλων. Τὸ ἁλιευτικὸν ὡδηγήθη εἰς σοβιετικὸν λιμένα μετὰ τοῦ πληρώματός του.
ΑΙ ΠΡΟΠΟΛΕΜΙΚΑΙ ΑΣΦΑΛΕΙΑΙ ΖΩΗΣ ΕΧΟΥΝ ΑΠΟΣΒΕΣΘΗ
ΑΘΗΝΑΙ, 2.— Ἡ ἀπόφασις τοῦ Ἀρείου Πάγου ἐπὶ τῶν προπολεμικῶν ἀσφαλειῶν ζωῆς ὁρίζει ὅτι αὗται ἔχουν ἀποσβεσθῆ.
ΠΑΡΑΓΡΑΦΗΣ ΠΑΡΕΜΕΙΝΕ ΤΟ ΣΥΣΤΗΜΑ ΤΗΣ ΣΥΝΤΗΡΗΣΗΣ ΤΩΝ ΣΩΣΙΒΙΩΝ ΛΕΜΒΩΝ
ΠΕΡΘ, 2. (Ρώυτερ).— Ἡ αὐστραλιανὴ κυβέρνησις ἀπεφάσισεν ὅπως τὸ σύστημα συντηρήσεως τῶν σωσιβίων λέμβων τῶν πλοίων παραμείνῃ ὡς ἔχει.
ΜΗΛΙΑ ΑΝΤΙΚΕΙΜΕΝΑ ΠΡΩΤΟΓΕΝΩΝ ΑΝΘΡΩΠΩΝ ΕΥΡΕΘΗΣΑΝ ΕΙΣ ΙΑΠΩΝΙΑΝ
ΤΟΚΙΟ, 2. (Γιουν. Πρες).— Ἀντικείμενα πρωτογενῶν ἀνθρώπων ἀνεκαλύφθησαν εἰς τὴν νῆσον Χοκκάιδο ὑπὸ ἀρχαιολόγων. Τὰ εὑρήματα χρονολογοῦνται πρὸ 7.000 ἐτῶν.
ΕΝΣΤΑΣΙΣ ΔΙΑ ΤΑΣ ΕΚΛΟΓΑΣ ΤΟΥ ΠΑΝΕΛΛΗΝΙΟΥ ΦΑΡΜΑΚΕΥΤΙΚΟΥ ΣΥΛΛΟΓΟΥ
ΑΘΗΝΑΙ, 2.— Ἐγένετο ἔνστασις κατὰ τοῦ κύρους τῶν ἐκλογῶν τοῦ Πανελληνίου Φαρμακευτικοῦ Συλλόγου ὑπὸ μερίδος φαρμακοποιῶν.
ΚΟΜΙΖΟΝΤΑΙ ΕΞ ΑΙΓΥΠΤΟΥ ΑΜΙΑΝΤΟΣΩΛΗΝΕΣ
Ἡ νομαρχία Θεσσαλονίκης ἐνέκρινε τὴν εἰσαγωγὴν ἐξ Αἰγύπτου 1.000.000 μέτρων ἀμιαντοσωλήνων διὰ τὰ ἔργα ὑδρεύσεως τῆς πόλεως.
ΖΗΤΕΙ ΤΗΝ ΝΙΚΑΡΑΓΟΥΑΝ
ΓΟΥΑΤΕΜΑΛΑ, 2. (Ἀσ. Πρές).— Ἡ κυβέρνησις τῆς Γουατεμάλας ζητεῖ τὴν ἐπέμβασιν τοῦ Ὀργανισμοῦ Ἀμερικανικῶν Κρατῶν.
ΑΠΑΓΟΡΕΥΣΙΣ ΤΟΥ ΜΑΝΙΣΤΑ
ΑΒΑΝΑ, 2. (Ἀσ. Πρές).— Ἀπηγορεύθη ἡ κυκλοφορία τῆς ἐφημερίδος «Μανιστά» ὑπὸ τῆς κουβανικῆς κυβερνήσεως.
Ο ΧΟ ΤΣΙ ΜΙΝΧ ΕΙΣ ΤΗΝ ΜΟΣΧΑΝ
ΤΟΚΙΟ, 2. (Ρώυτερ).— Ὁ πρόεδρος τῆς Βορείου Βιετνὰμ Χὸ Τσὶ Μὶνχ ἀφίχθη εἰς τὴν Μόσχαν διὰ συνομιλίας μετὰ τῶν σοβιετικῶν ἡγετῶν.
ΣΥΓΚΕΝΤΡΩΣΙΣ ΑΠΟΥΣΕ ΤΗΣ ΣΙΔΗΡΟΔΡΟΜΙΚΗΣ
Ἡ διοίκησις τῶν σιδηροδρόμων ἀπεφάσισε τὴν συγκέντρωσιν τῶν ὑπηρεσιῶν εἰς ἓν κτίριον.
ΚΑΘΟΥΝΤΑΙ ΚΑΡΓΟΙ ΕΙΣ ΤΟ ΑΥΞΙΛΙΤΗΡΙΟΝ
Εἰς τὸ αὐξιλιτήριον τῆς Θεσσαλονίκης ἐκάθησαν σήμερον οἱ ἐπιτυχόντες κατὰ τὰς ἐξετάσεις.
ΣΩΡΕΙΑ ΔΙΑΜΑΡΤΥΡΙΩΝ ΔΙΑ ΤΗΝ ΚΑΤΑΡΓΗΣΙΝ ΤΗΣ ΑΡΓΙΑΣ ΤΟΥ ΣΑΒΒΑΤΟΥ
ΣΥΝΕΧΕΙΑ ΕΚ ΤΗΣ 1ης ΣΕΛΙΔΟΣ. Σωρεία διαμαρτυριῶν ἀπεστάλη πρὸς τὴν κυβέρνησιν διὰ τὴν κατάργησιν τῆς ἀργίας τοῦ Σαββάτου. Αἱ διαμαρτυρίαι προέρχονται ἐκ τῶν ἐργατικῶν κέντρων, τῶν ὑπαλληλικῶν ὀργανώσεων καὶ τῶν ἐπαγγελματικῶν σωματείων, τὰ ὁποῖα ζητοῦν τὴν ἐπαναφορὰν τῆς πενθημέρου ἐργασίας.
Ο ΧΑ-Ι-ΛΕ ΣΕΛΑΣΙΕ ΣΥΝΟΜΙΛΕΙ ΜΕΤΑ ΤΟΥ κ. ΚΡΟΥΣΤΣΕΦ
Ὁ αὐτοκράτωρ τῆς Αἰθιοπίας Χαϊλὲ Σελασιὲ (δεξιὰ) κατὰ τὴν συνάντησίν του μετὰ τοῦ πρωθυπουργοῦ τῆς Σοβιετικῆς Ἑνώσεως κ. Κρουστσὲφ (ἀριστερά), εἰς τὸ Κρεμλῖνον τὴν 30ὴν Ἰουνίου. Παρὰ τὸ πλευρὸν τοῦ κ. Κρουστσὲφ, διακρίνεται ὁ ἀναπληρωτὴς πρωθυπουργὸς κ. Μικογιάν καὶ ὁ κ. Γκρομίκο. Ὁ αὐτοκράτωρ τῆς Αἰθιοπίας ἐπεσκέφθη ἐπισήμως τὴν Σοβιετικὴν Ἕνωσιν. Εἰς αὐτὴν παρέμεινε ἐπὶ ἓν δεκαπενθήμερον καὶ ἀκολούθως, ἐνῶ ἐπιστρέφει εἰς τὴν Αἰθιοπίαν, θὰ ἐπισκεφθῇ τὴν Ρουμανίαν.
(Φωτογραφία τοῦ «Ἀσ. Πρές»)
Εἰς τὰς Βρυξέλλας
ΕΝΤΟΣ ΣΥΓΚΙΝΗΤΙΚΗΣ ΑΤΜΟΣΦΑΙΡΑΣ ΕΓΙΝΑΝ ΕΙΣ ΒΡΥΞΕΛΛΑΣ ΟΙ ΓΑΜΟΙ ΤΗΣ ΠΑΟΛΑΣ ΚΑΙ ΤΟΥ ΑΛΒΕΡΤΟΥ
Πρῶτον ἔγινεν ὁ πολιτικὸς καὶ ἔπειτα ὁ θρησκευτικὸς
ΒΡΥΞΕΛΛΑΙ, 2. (Ἀσ. Πρές).— Ἐντὸς συγκινητικῆς ἀτμοσφαίρας ἐτελέσθησαν σήμερον εἰς τὰς Βρυξέλλας οἱ γάμοι τοῦ πρίγκηπος Ἀλβέρτου τοῦ Βελγίου, ἀδελφοῦ τοῦ βασιλέως Βαλδουίνου, μετὰ τῆς πριγκηπίσσης Πάολας Ρούφφο ντὶ Καλάμπρια. Πρῶτον ἐτελέσθη ὁ πολιτικὸς γάμος εἰς τὸ βασιλικὸν ἀνάκτορον ὑπὸ τοῦ δημάρχου τῶν Βρυξελλῶν καὶ ἀκολούθως ὁ θρησκευτικὸς εἰς τὸν καθεδρικὸν ναὸν τῆς Ἁγίας Γουδούλης ὑπὸ τοῦ καρδιναλίου Βὰν Ρόεϋ. Χιλιάδες Βρυξελλιωτῶν παρηκολούθησαν τὴν πομπὴν καὶ ἐπευφήμησαν τὸ νεόνυμφον ζεῦγος. Εἰς τοὺς γάμους παρέστησαν ἐκπρόσωποι τῶν βασιλικῶν οἰκογενειῶν τῆς Εὐρώπης.
ΤΟ ΔΩΡΟΝ ΤΟΥ ΒΟΡΟΣΙΛΩΦ
ΒΡΥΞΕΛΛΑΙ, 2. (Ρώυτερ).— Ὁ πρόεδρος τῆς Σοβιετικῆς Ἑνώσεως κ. Βοροσιλὼφ ἀπέστειλεν ὡς δῶρον εἰς τοὺς νεονύμφους ἀνθοδοχεῖον ἐκ πορσελάνης.
Εἰς βραζιλιάνας ἀκτάς
ΑΕΡΟΠΛΑΝΑ ΚΑΙ ΠΟΛΕΜΙΚΑ ΑΝΑΖΗΤΟΥΝ ΔΙΑ ΝΑ ΒΥΘΙΣΟΥΝ ΤΟ ΜΥΣΤΗΡΙΩΔΕΣ ΥΠΟΒΡΥΧΙΟΝ
Εἶναι ἀγνώστου ἐθνικότητος «πιθανῶς» δὲ σοβιετικὸν
ΕΔΟΘΗ ΔΙΑΤΑΓΗ ΝΑ ΚΑΤΑΣΤΡΑΦΗ
ΡΙΟΝ ΙΑΝΕΪΡΟΝ, 2. (Ἀσ. Πρές).— Ἀεροπλάνα καὶ πολεμικὰ τοῦ βραζιλιανοῦ ναυτικοῦ ἀναζητοῦν εἰς τὰς ἀκτὰς τῆς Βραζιλίας μυστηριῶδες ὑποβρύχιον ἀγνώστου ἐθνικότητος, πιθανῶς δὲ σοβιετικόν. Τὸ ὑποβρύχιον ἐθεάθη ὑπὸ ἁλιέων πλησίον τοῦ λιμένος τοῦ Ρίου Ἰανεΐρου. Ἡ κυβέρνησις τῆς Βραζιλίας ἔδωσε διαταγὴν νὰ καταστραφῇ τὸ ὑποβρύχιον, ἐὰν ἀρνηθῇ νὰ ἀναδυθῇ καὶ νὰ δηλώσῃ τὴν ἐθνικότητά του. Τὸ ὑπουργεῖον Ναυτικῶν ἀνεκοίνωσεν ὅτι τὸ ὑποβρύχιον ἐθεάθη καὶ ὑπὸ ἀεροπλάνου τῆς βραζιλιανῆς ἀεροπορίας.
Αἱ συνέπειαι τῶν ἀμελετήτων μέτρων
ΓΕΩΜΗΛΑ ΔΕΚΑ ΕΚΑΤΟΜΜ. ΚΙΛΩΝ ΜΕΝΟΥΝ ΕΦΕΤΟΣ ΑΔΙΑΘΕΤΑ ΕΙΣ ΤΟΝ ΝΟΜΟΝ ΤΗΣ ΘΕΣΣΑΛΟΝΙΚΗΣ
Θὰ δοθοῦν ἐπὶ πιστώσει εἰς ἀγρότας μὴ πατατοπαραγωγικῶν περιφερειῶν
Ἀνεκοινώθη ὅτι εἰς τὸν νομὸν Θεσσαλονίκης ὑπάρχουν ἀδιάθετα γεώμηλα δέκα ἑκατομμυρίων κιλῶν, τὰ ὁποῖα θὰ δοθοῦν ἐπὶ πιστώσει εἰς ἀγρότας μὴ πατατοπαραγωγικῶν περιφερειῶν. Τὸ ζήτημα τῆς διαθέσεως τῆς ἐφετεινῆς παραγωγῆς γεωμήλων ἀπασχολεῖ ζωηρῶς τοὺς παραγωγούς, οἱ ὁποῖοι διαμαρτύρονται διὰ τὰ ἀμελέτητα μέτρα τοῦ ὑπουργείου Γεωργίας. Ἡ Ἀγροτικὴ Τράπεζα ἀνέλαβε τὴν ἀγορὰν μέρους τῆς παραγωγῆς εἰς τιμὰς κατωτέρας τοῦ κόστους, ἐνῶ αἱ ἐξαγωγαὶ ὑπῆρξαν ἀσήμαντοι. Οἱ παραγωγοὶ ζητοῦν τὴν λῆψιν μέτρων διὰ τὴν προστασίαν των καὶ τὴν διάθεσιν τῶν γεωμήλων εἰς τὰς ἀγορὰς τοῦ ἐξωτερικοῦ.
1.000.000 ΣΤΕΡΛΙΝΩΝ ΘΑ ΔΙΑΘΕΣΗ Η ΜΕΓ. ΒΡΕΤΑΝΝΙΑ ΠΡΟΣ ΑΠΟΖΗΜΙΩΣΙΝ ΑΓΓΛΩΝ ΥΠΑΛΛΗΛΩΝ ΟΙΤΙΝΕΣ Θ' ΑΠΟΧΩΡΗΣΟΥΝ ΤΩΝ ΕΝ ΚΥΠΡΩ ΥΠΗΡΕΣΙΩΝ
ΛΕΥΚΩΣΙΑ, 2. (Ρώυτερ).— Τὸ Ἀποικιακὸν ὑπουργεῖον ἀνεκοίνωσεν ὅτι ἡ βρεταννικὴ κυβέρνησις θὰ διαθέσῃ 1.000.000 λιρῶν στερλινῶν πρὸς ἀποζημίωσιν τῶν Ἄγγλων ὑπαλλήλων, οἵτινες θ' ἀποχωρήσουν τῶν ἐν Κύπρῳ ὑπηρεσιῶν μετὰ τὴν ἀνακήρυξιν τῆς ἀνεξαρτησίας τῆς νήσου. Ὁ ἀριθμὸς τῶν ὑπαλλήλων τούτων ἀνέρχεται εἰς 1.300 περίπου. Ἡ ἀποζημίωσις θὰ καταβληθῇ ἀναλόγως τῶν ἐτῶν ὑπηρεσίας ἑκάστου ὑπαλλήλου.
ΣΥΝΑΝΤΩΝΤΑΙ ΣΗΜΕΡΟΝ ΟΙ κ.κ. ΒΕΝΙΖΕΛΟΣ ΚΑΙ ΜΑΡΚΕΖΙΝΗΣ
ΑΘΗΝΑΙ, 2.— Ὁ ἀρχηγὸς τοῦ κόμματος τῶν Φιλελευθέρων κ. Σοφοκλῆς Βενιζέλος θὰ συναντηθῇ σήμερον μετὰ τοῦ ἀρχηγοῦ τῶν Προοδευτικῶν κ. Μαρκεζίνη.
